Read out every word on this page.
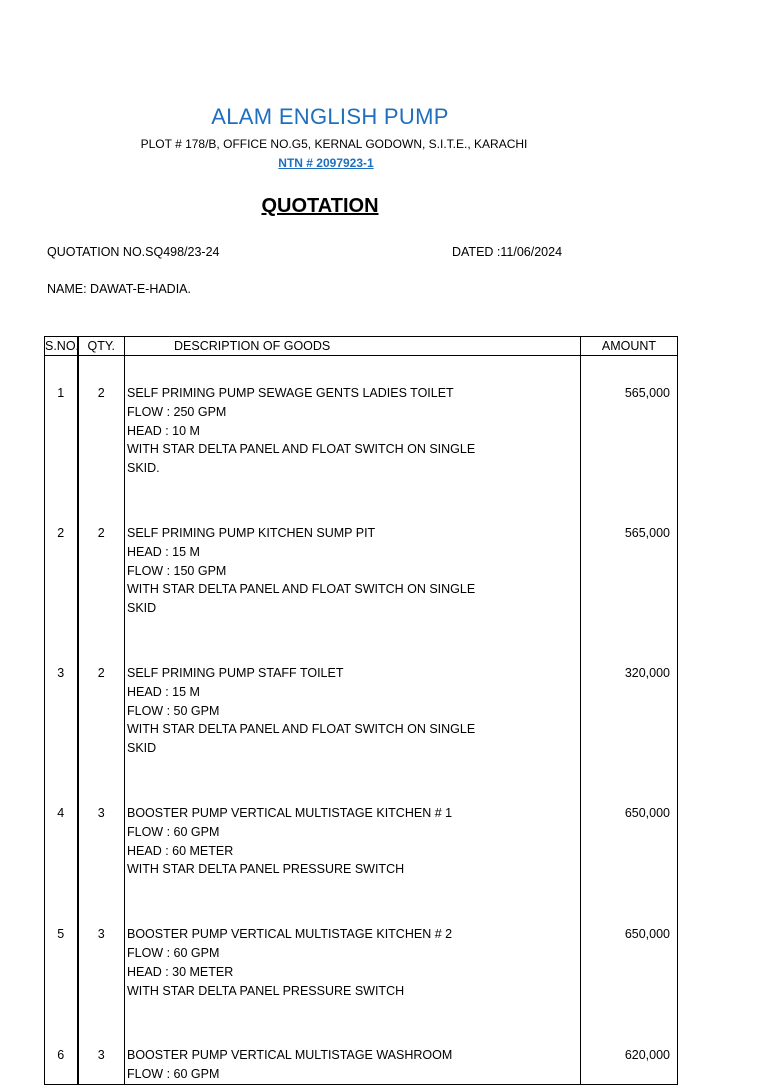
ALAM ENGLISH PUMP
PLOT # 178/B, OFFICE NO.G5, KERNAL GODOWN, S.I.T.E., KARACHI
NTN # 2097923-1
QUOTATION
QUOTATION NO.SQ498/23-24	DATED :11/06/2024
NAME: DAWAT-E-HADIA.
S.NO.	QTY.	DESCRIPTION OF GOODS	AMOUNT

1	2	SELF PRIMING PUMP SEWAGE GENTS LADIES TOILET
FLOW : 250 GPM
HEAD : 10 M
WITH STAR DELTA PANEL AND FLOAT SWITCH ON SINGLE
SKID.	565,000

2	2	SELF PRIMING PUMP KITCHEN SUMP PIT
HEAD : 15 M
FLOW : 150 GPM
WITH STAR DELTA PANEL AND FLOAT SWITCH ON SINGLE
SKID	565,000

3	2	SELF PRIMING PUMP STAFF TOILET
HEAD : 15 M
FLOW : 50 GPM
WITH STAR DELTA PANEL AND FLOAT SWITCH ON SINGLE
SKID	320,000

4	3	BOOSTER PUMP VERTICAL MULTISTAGE KITCHEN # 1
FLOW : 60 GPM
HEAD : 60 METER
WITH STAR DELTA PANEL PRESSURE SWITCH	650,000

5	3	BOOSTER PUMP VERTICAL MULTISTAGE KITCHEN # 2
FLOW : 60 GPM
HEAD : 30 METER
WITH STAR DELTA PANEL PRESSURE SWITCH	650,000

6	3	BOOSTER PUMP VERTICAL MULTISTAGE WASHROOM
FLOW : 60 GPM	620,000
